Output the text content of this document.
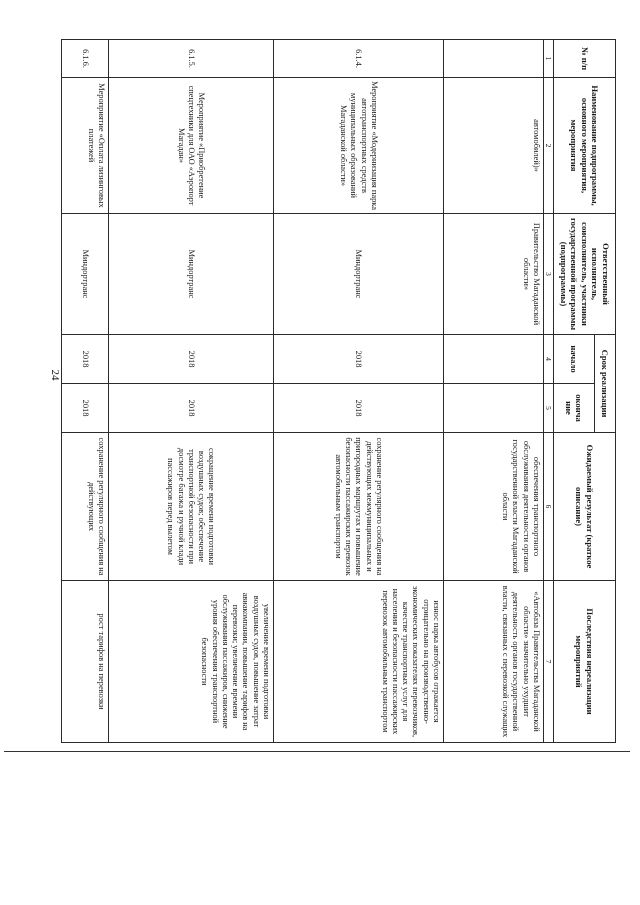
24
№ п/п	Наименование подпрограммы, основного мероприятия, мероприятия	Ответственный исполнитель, соисполнитель, участники государственной программы (подпрограммы)	Срок реализации		Ожидаемый результат (краткое описание)	Последствия нереализации мероприятий
			начало	оконча ние		
1	2	3	4	5	6	7
	автомобилей)»	Правительство Магаданской области»			обеспечения транспортного обслуживания деятельности органов государственной власти Магаданской области	«Автобаза Правительства Магаданской области» значительно ухудшит деятельность органов государственной власти, связанных с перевозкой служащих
6.1.4.	Мероприятие «Модернизация парка автотранспортных средств муниципальных образований Магаданской области»	Миндортранс	2018	2018	сохранение регулярного сообщения на действующих межмуниципальных и пригородных маршрутах и повышение безопасности пассажирских перевозок автомобильным транспортом	износ парка автобусов отражается отрицательно на производственно-экономических показателях перевозчиков, качестве транспортных услуг для населения и безопасности пассажирских перевозок автомобильным транспортом
6.1.5.	Мероприятие «Приобретение спецтехники для ОАО «Аэропорт Магадан»	Миндортранс	2018	2018	сокращение времени подготовки воздушных судов; обеспечение транспортной безопасности при досмотре багажа и ручной клади пассажиров перед вылетом	увеличение времени подготовки воздушных судов, повышение затрат авиакомпании, повышение тарифов на перевозки; увеличение времени обслуживания пассажиров, снижение уровня обеспечения транспортной безопасности
6.1.6.	Мероприятие «Оплата лизинговых платежей	Миндортранс	2018	2018	сохранение регулярного сообщения на действующих	рост тарифов на перевозки
